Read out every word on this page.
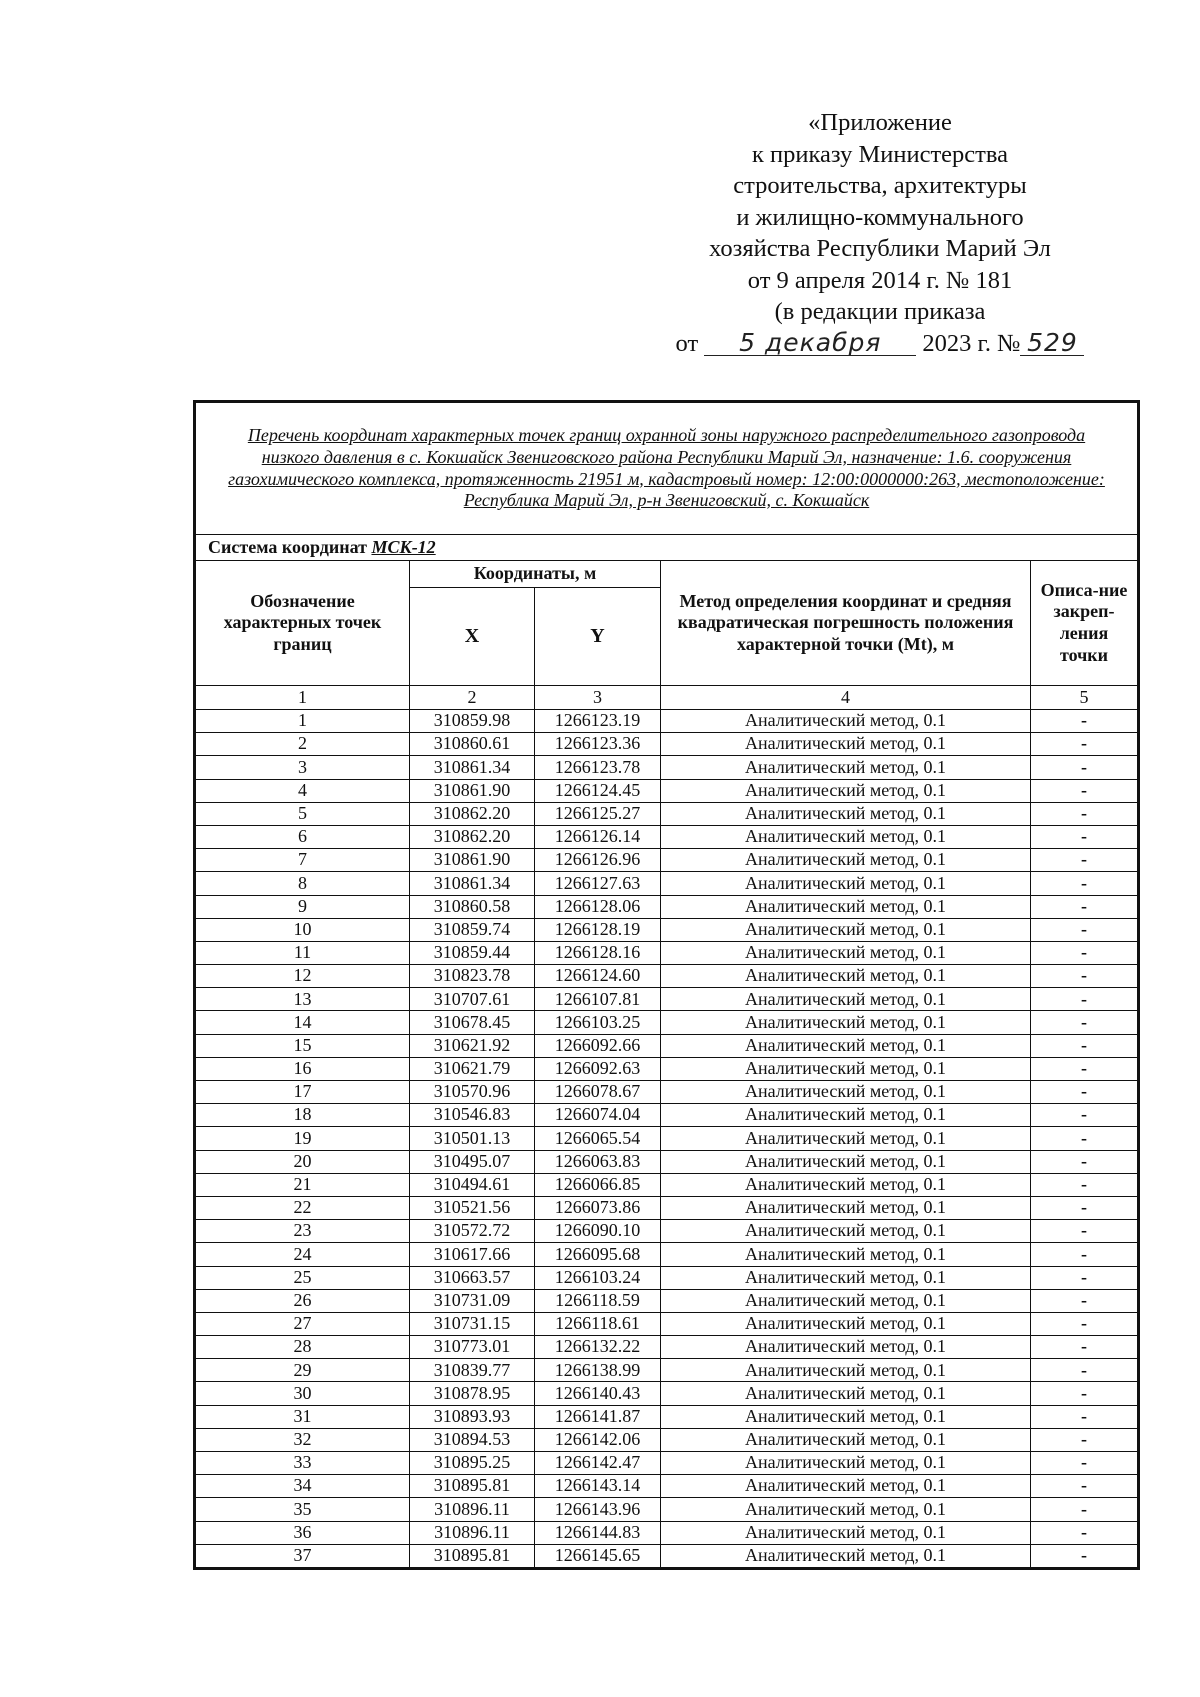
«Приложение
к приказу Министерства
строительства, архитектуры
и жилищно-коммунального
хозяйства Республики Марий Эл
от 9 апреля 2014 г. № 181
(в редакции приказа
от 5 декабря 2023 г. № 529
Перечень координат характерных точек границ охранной зоны наружного распределительного газопровода низкого давления в с. Кокшайск Звениговского района Республики Марий Эл, назначение: 1.6. сооружения газохимического комплекса, протяженность 21951 м, кадастровый номер: 12:00:0000000:263, местоположение: Республика Марий Эл, р-н Звениговский, с. Кокшайск				
Система координат МСК-12				
Обозначение характерных точек границ	Координаты, м		Метод определения координат и средняя квадратическая погрешность положения характерной точки (Mt), м	Описа-ние закреп-ления точки
	X	Y		
1	2	3	4	5
1	310859.98	1266123.19	Аналитический метод, 0.1	-
2	310860.61	1266123.36	Аналитический метод, 0.1	-
3	310861.34	1266123.78	Аналитический метод, 0.1	-
4	310861.90	1266124.45	Аналитический метод, 0.1	-
5	310862.20	1266125.27	Аналитический метод, 0.1	-
6	310862.20	1266126.14	Аналитический метод, 0.1	-
7	310861.90	1266126.96	Аналитический метод, 0.1	-
8	310861.34	1266127.63	Аналитический метод, 0.1	-
9	310860.58	1266128.06	Аналитический метод, 0.1	-
10	310859.74	1266128.19	Аналитический метод, 0.1	-
11	310859.44	1266128.16	Аналитический метод, 0.1	-
12	310823.78	1266124.60	Аналитический метод, 0.1	-
13	310707.61	1266107.81	Аналитический метод, 0.1	-
14	310678.45	1266103.25	Аналитический метод, 0.1	-
15	310621.92	1266092.66	Аналитический метод, 0.1	-
16	310621.79	1266092.63	Аналитический метод, 0.1	-
17	310570.96	1266078.67	Аналитический метод, 0.1	-
18	310546.83	1266074.04	Аналитический метод, 0.1	-
19	310501.13	1266065.54	Аналитический метод, 0.1	-
20	310495.07	1266063.83	Аналитический метод, 0.1	-
21	310494.61	1266066.85	Аналитический метод, 0.1	-
22	310521.56	1266073.86	Аналитический метод, 0.1	-
23	310572.72	1266090.10	Аналитический метод, 0.1	-
24	310617.66	1266095.68	Аналитический метод, 0.1	-
25	310663.57	1266103.24	Аналитический метод, 0.1	-
26	310731.09	1266118.59	Аналитический метод, 0.1	-
27	310731.15	1266118.61	Аналитический метод, 0.1	-
28	310773.01	1266132.22	Аналитический метод, 0.1	-
29	310839.77	1266138.99	Аналитический метод, 0.1	-
30	310878.95	1266140.43	Аналитический метод, 0.1	-
31	310893.93	1266141.87	Аналитический метод, 0.1	-
32	310894.53	1266142.06	Аналитический метод, 0.1	-
33	310895.25	1266142.47	Аналитический метод, 0.1	-
34	310895.81	1266143.14	Аналитический метод, 0.1	-
35	310896.11	1266143.96	Аналитический метод, 0.1	-
36	310896.11	1266144.83	Аналитический метод, 0.1	-
37	310895.81	1266145.65	Аналитический метод, 0.1	-
